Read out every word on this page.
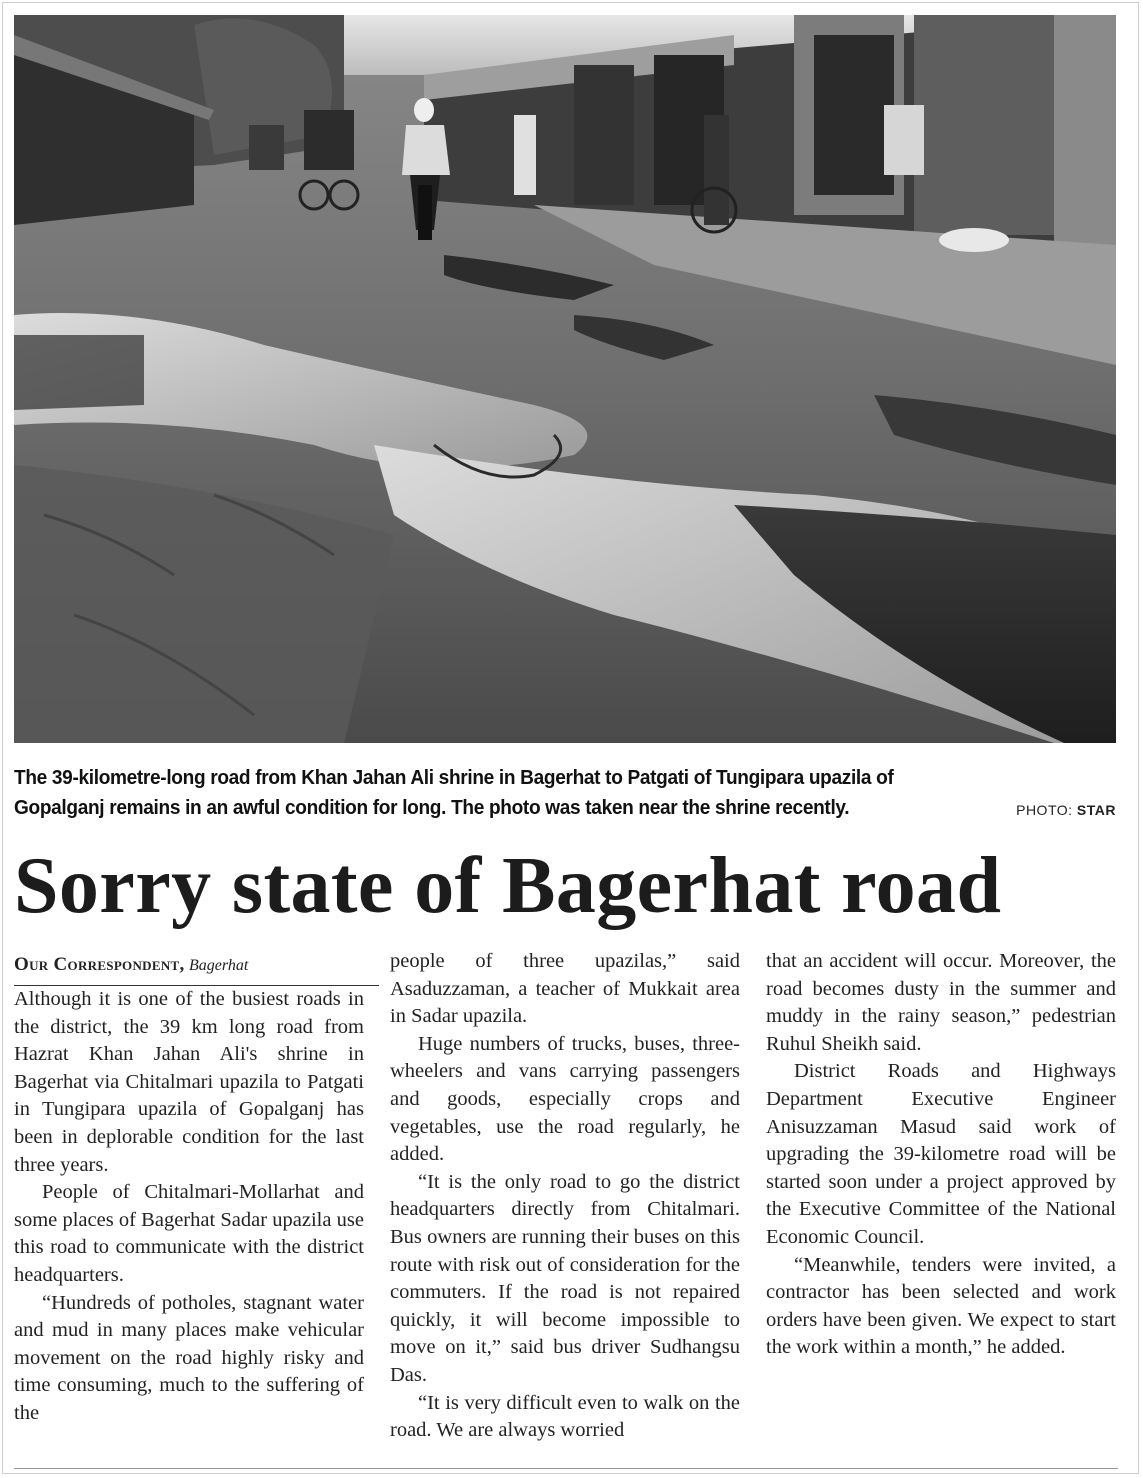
The 39-kilometre-long road from Khan Jahan Ali shrine in Bagerhat to Patgati of Tungipara upazila of
Gopalganj remains in an awful condition for long. The photo was taken near the shrine recently.	PHOTO: STAR
Sorry state of Bagerhat road

Our Correspondent, Bagerhat

Although it is one of the busiest roads in the district, the 39 km long road from Hazrat Khan Jahan Ali's shrine in Bagerhat via Chitalmari upazila to Patgati in Tungipara upazila of Gopalganj has been in deplorable condition for the last three years.

People of Chitalmari-Mollarhat and some places of Bagerhat Sadar upazila use this road to communicate with the district headquarters.

“Hundreds of potholes, stagnant water and mud in many places make vehicular movement on the road highly risky and time consuming, much to the suffering of the

people of three upazilas,” said Asaduzzaman, a teacher of Mukkait area in Sadar upazila.

Huge numbers of trucks, buses, three-wheelers and vans carrying passengers and goods, especially crops and vegetables, use the road regularly, he added.

“It is the only road to go the district headquarters directly from Chitalmari. Bus owners are running their buses on this route with risk out of consideration for the commuters. If the road is not repaired quickly, it will become impossible to move on it,” said bus driver Sudhangsu Das.

“It is very difficult even to walk on the road. We are always worried

that an accident will occur. Moreover, the road becomes dusty in the summer and muddy in the rainy season,” pedestrian Ruhul Sheikh said.

District Roads and Highways Department Executive Engineer Anisuzzaman Masud said work of upgrading the 39-kilometre road will be started soon under a project approved by the Executive Committee of the National Economic Council.

“Meanwhile, tenders were invited, a contractor has been selected and work orders have been given. We expect to start the work within a month,” he added.
